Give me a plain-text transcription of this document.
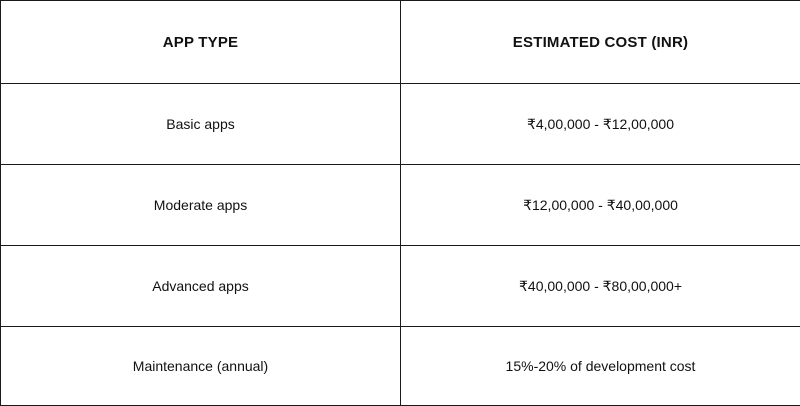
APP TYPE	ESTIMATED COST (INR)
Basic apps	₹4,00,000 - ₹12,00,000
Moderate apps	₹12,00,000 - ₹40,00,000
Advanced apps	₹40,00,000 - ₹80,00,000+
Maintenance (annual)	15%-20% of development cost
